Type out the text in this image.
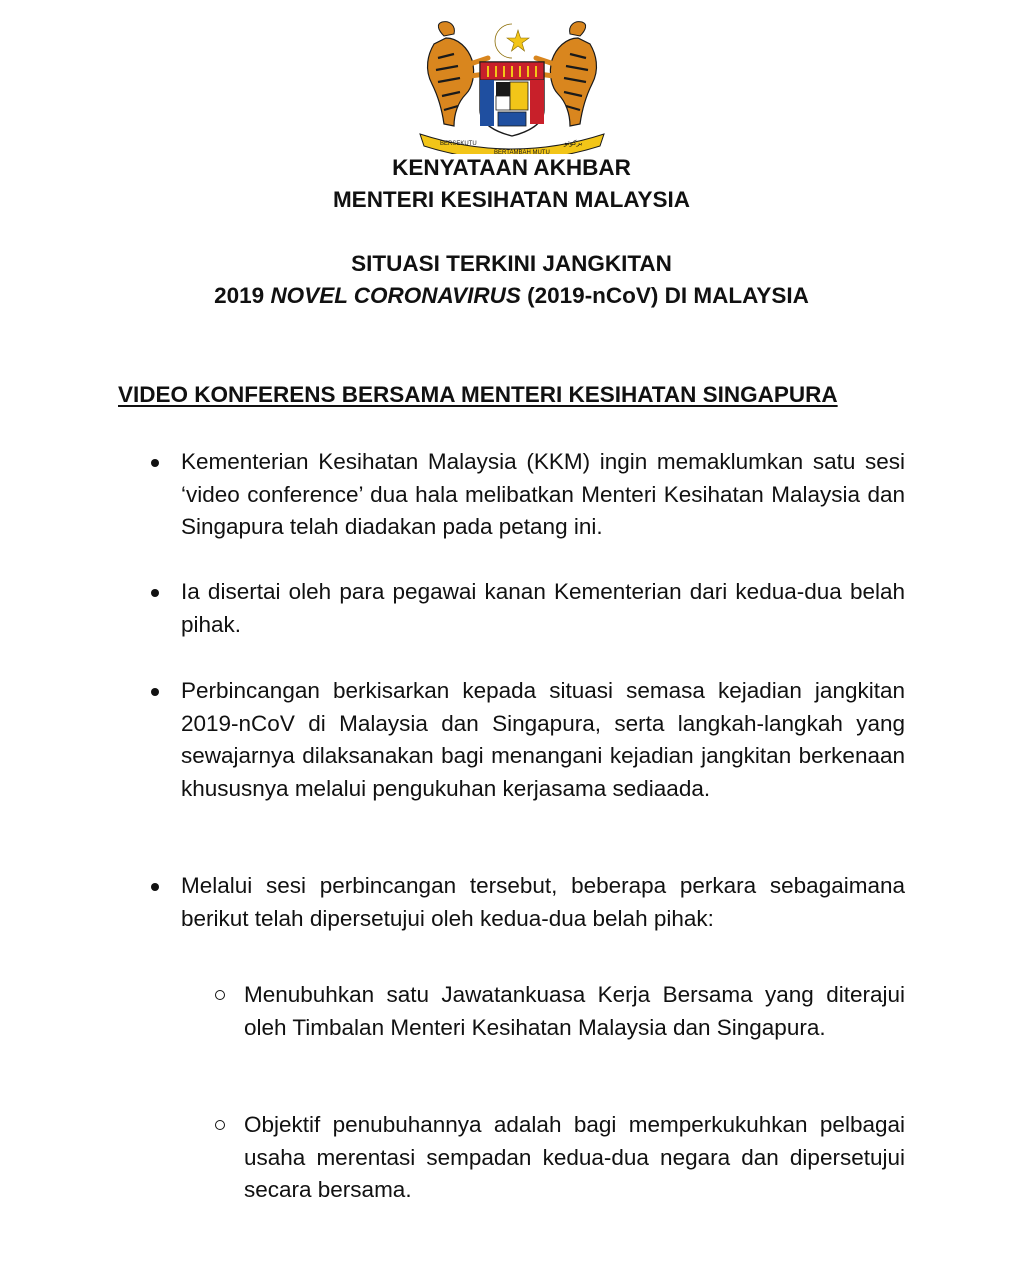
BERSEKUTU
BERTAMBAH MUTU
بركوتو
KENYATAAN AKHBAR
MENTERI KESIHATAN MALAYSIA
SITUASI TERKINI JANGKITAN
2019 NOVEL CORONAVIRUS (2019-nCoV) DI MALAYSIA
VIDEO KONFERENS BERSAMA MENTERI KESIHATAN SINGAPURA
Kementerian Kesihatan Malaysia (KKM) ingin memaklumkan satu sesi ‘video conference’ dua hala melibatkan Menteri Kesihatan Malaysia dan Singapura telah diadakan pada petang ini.
Ia disertai oleh para pegawai kanan Kementerian dari kedua-dua belah pihak.
Perbincangan berkisarkan kepada situasi semasa kejadian jangkitan 2019-nCoV di Malaysia dan Singapura, serta langkah-langkah yang sewajarnya dilaksanakan bagi menangani kejadian jangkitan berkenaan khususnya melalui pengukuhan kerjasama sediaada.
Melalui sesi perbincangan tersebut, beberapa perkara sebagaimana berikut telah dipersetujui oleh kedua-dua belah pihak:
Menubuhkan satu Jawatankuasa Kerja Bersama yang diterajui oleh Timbalan Menteri Kesihatan Malaysia dan Singapura.
Objektif penubuhannya adalah bagi memperkukuhkan pelbagai usaha merentasi sempadan kedua-dua negara dan dipersetujui secara bersama.
